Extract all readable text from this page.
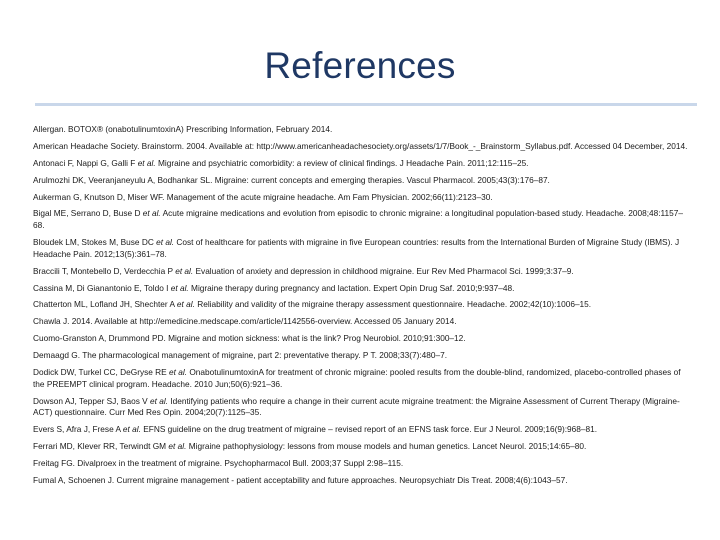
References
Allergan. BOTOX® (onabotulinumtoxinA) Prescribing Information, February 2014.
American Headache Society. Brainstorm. 2004. Available at: http://www.americanheadachesociety.org/assets/1/7/Book_-_Brainstorm_Syllabus.pdf. Accessed 04 December, 2014.
Antonaci F, Nappi G, Galli F et al. Migraine and psychiatric comorbidity: a review of clinical findings. J Headache Pain. 2011;12:115–25.
Arulmozhi DK, Veeranjaneyulu A, Bodhankar SL. Migraine: current concepts and emerging therapies. Vascul Pharmacol. 2005;43(3):176–87.
Aukerman G, Knutson D, Miser WF. Management of the acute migraine headache. Am Fam Physician. 2002;66(11):2123–30.
Bigal ME, Serrano D, Buse D et al. Acute migraine medications and evolution from episodic to chronic migraine: a longitudinal population-based study. Headache. 2008;48:1157–68.
Bloudek LM, Stokes M, Buse DC et al. Cost of healthcare for patients with migraine in five European countries: results from the International Burden of Migraine Study (IBMS). J Headache Pain. 2012;13(5):361–78.
Braccili T, Montebello D, Verdecchia P et al. Evaluation of anxiety and depression in childhood migraine. Eur Rev Med Pharmacol Sci. 1999;3:37–9.
Cassina M, Di Gianantonio E, Toldo I et al. Migraine therapy during pregnancy and lactation. Expert Opin Drug Saf. 2010;9:937–48.
Chatterton ML, Lofland JH, Shechter A et al. Reliability and validity of the migraine therapy assessment questionnaire. Headache. 2002;42(10):1006–15.
Chawla J. 2014. Available at http://emedicine.medscape.com/article/1142556-overview. Accessed 05 January 2014.
Cuomo-Granston A, Drummond PD. Migraine and motion sickness: what is the link? Prog Neurobiol. 2010;91:300–12.
Demaagd G. The pharmacological management of migraine, part 2: preventative therapy. P T. 2008;33(7):480–7.
Dodick DW, Turkel CC, DeGryse RE et al. OnabotulinumtoxinA for treatment of chronic migraine: pooled results from the double-blind, randomized, placebo-controlled phases of the PREEMPT clinical program. Headache. 2010 Jun;50(6):921–36.
Dowson AJ, Tepper SJ, Baos V et al. Identifying patients who require a change in their current acute migraine treatment: the Migraine Assessment of Current Therapy (Migraine-ACT) questionnaire. Curr Med Res Opin. 2004;20(7):1125–35.
Evers S, Afra J, Frese A et al. EFNS guideline on the drug treatment of migraine – revised report of an EFNS task force. Eur J Neurol. 2009;16(9):968–81.
Ferrari MD, Klever RR, Terwindt GM et al. Migraine pathophysiology: lessons from mouse models and human genetics. Lancet Neurol. 2015;14:65–80.
Freitag FG. Divalproex in the treatment of migraine. Psychopharmacol Bull. 2003;37 Suppl 2:98–115.
Fumal A, Schoenen J. Current migraine management - patient acceptability and future approaches. Neuropsychiatr Dis Treat. 2008;4(6):1043–57.
